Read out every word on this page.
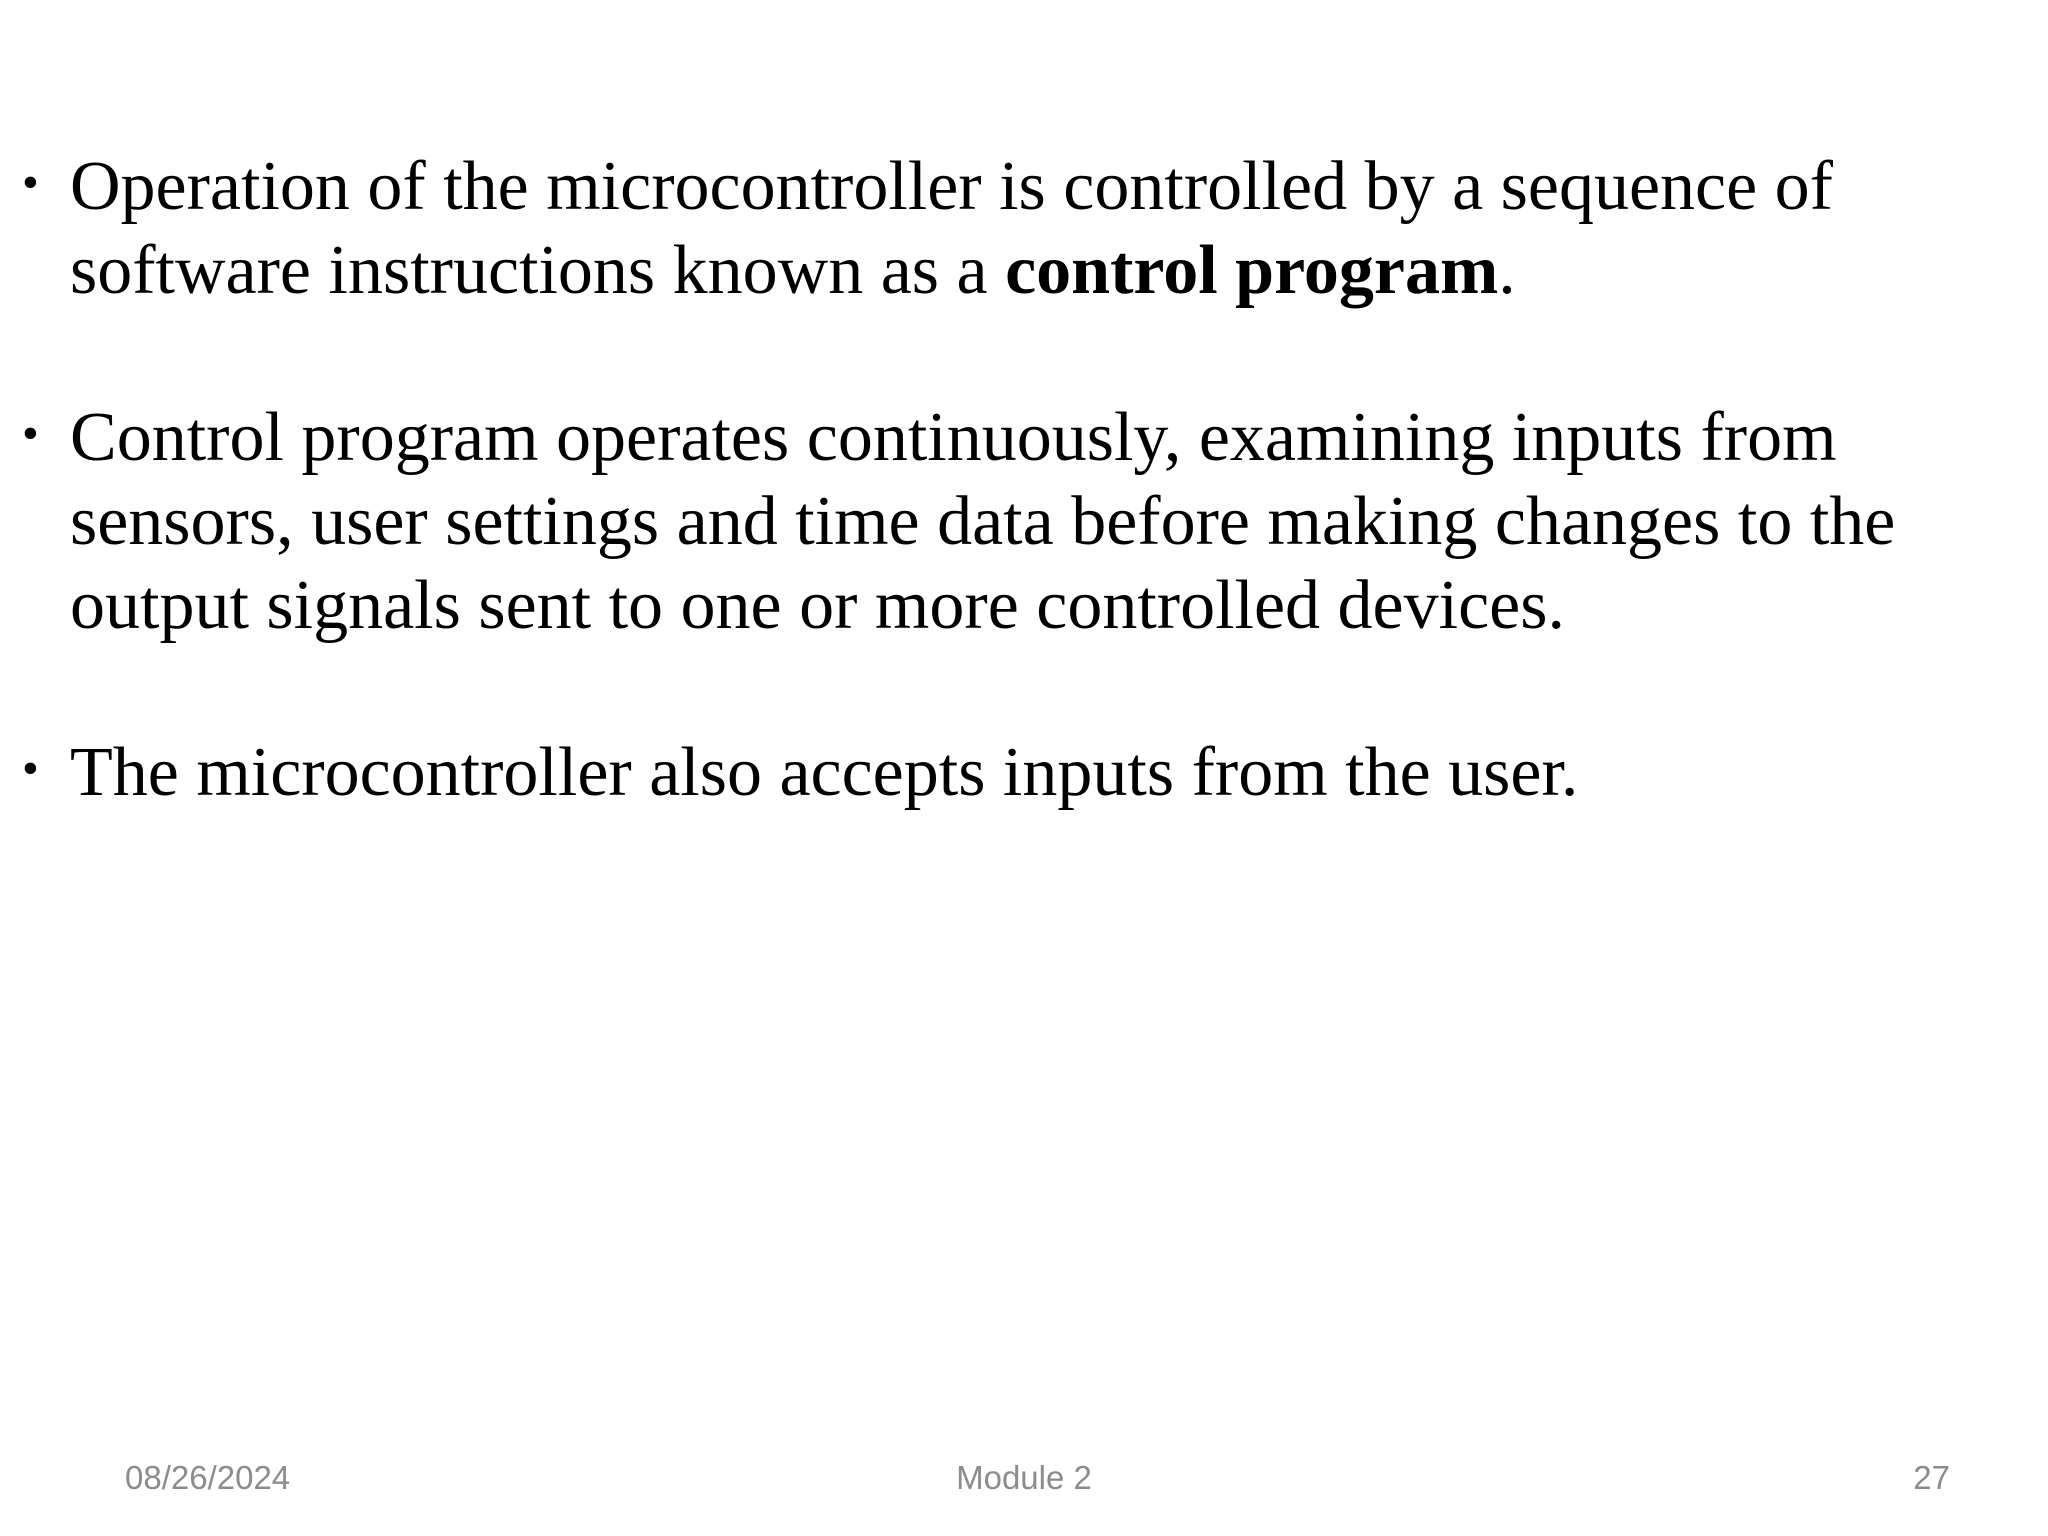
• Operation of the microcontroller is controlled by a sequence of software instructions known as a control program.
• Control program operates continuously, examining inputs from sensors, user settings and time data before making changes to the output signals sent to one or more controlled devices.
• The microcontroller also accepts inputs from the user.
08/26/2024	Module 2	27
